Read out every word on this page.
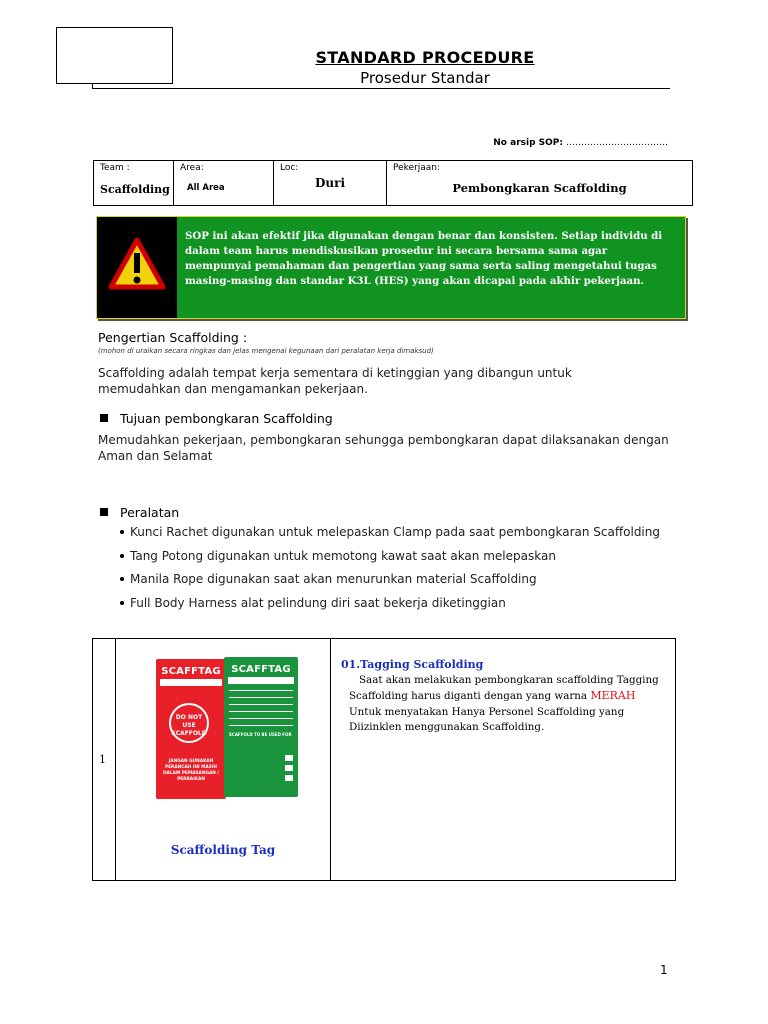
STANDARD PROCEDURE
Prosedur Standar
No arsip SOP: …………………………….
Team :
Scaffolding

Area:
All Area

Loc:
Duri

Pekerjaan:
Pembongkaran Scaffolding
SOP ini akan efektif jika digunakan dengan benar dan konsisten. Setiap individu di dalam team harus mendiskusikan prosedur ini secara bersama sama agar mempunyai pemahaman dan pengertian yang sama serta saling mengetahui tugas masing-masing dan standar K3L (HES) yang akan dicapai pada akhir pekerjaan.
Pengertian Scaffolding :
(mohon di uraikan secara ringkas dan jelas mengenai kegunaan dari peralatan kerja dimaksud)
Scaffolding adalah tempat kerja sementara di ketinggian yang dibangun untuk memudahkan dan mengamankan pekerjaan.
Tujuan pembongkaran Scaffolding
Memudahkan pekerjaan, pembongkaran sehungga pembongkaran dapat dilaksanakan dengan Aman dan Selamat
Peralatan
Kunci Rachet digunakan untuk melepaskan Clamp pada saat pembongkaran Scaffolding
Tang Potong digunakan untuk memotong kawat saat akan melepaskan
Manila Rope digunakan saat akan menurunkan material Scaffolding
Full Body Harness alat pelindung diri saat bekerja diketinggian
1	
SCAFFTAG

DO NOT USE SCAFFOLD
JANGAN GUNAKAN PERANCAH INI MASIH DALAM PEMASANGAN / PERBAIKAN
SCAFFTAG

SCAFFOLD TO BE USED FOR
Scaffolding Tag

01.Tagging Scaffolding
Saat akan melakukan pembongkaran scaffolding Tagging Scaffolding harus diganti dengan yang warna MERAH
Untuk menyatakan Hanya Personel Scaffolding yang Diizinklen menggunakan Scaffolding.
1
